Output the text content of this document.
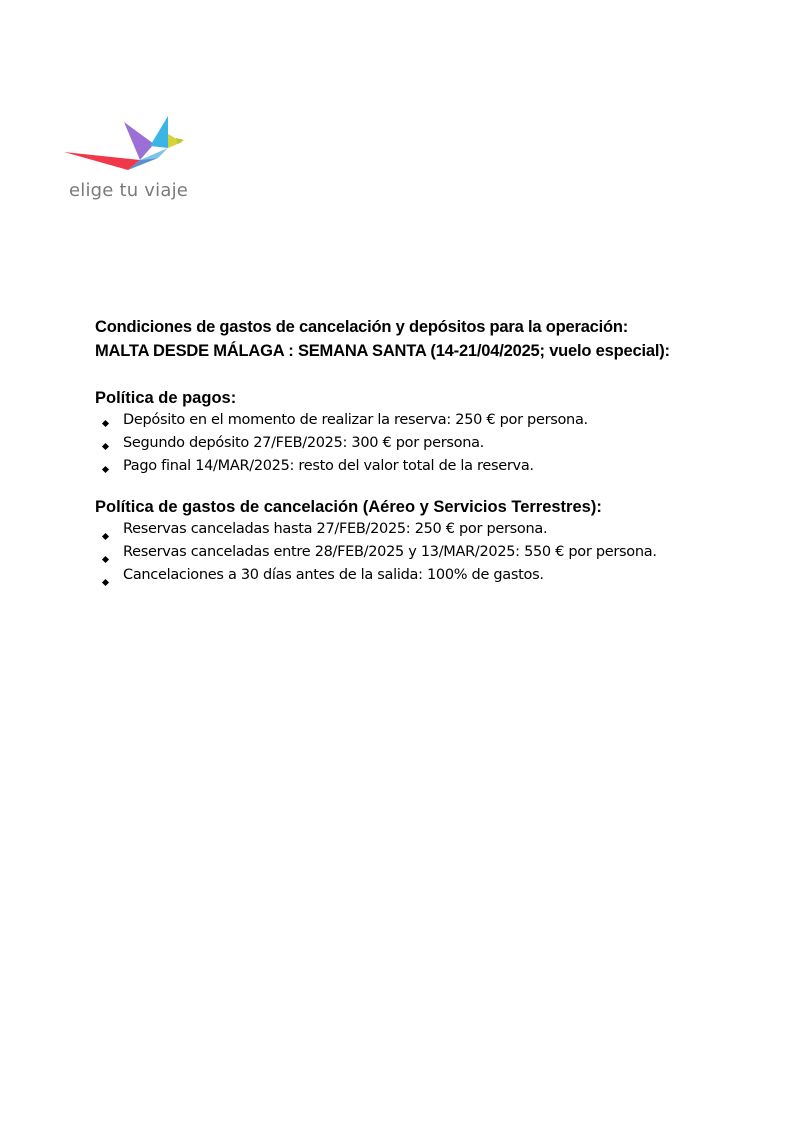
elige tu viaje

Condiciones de gastos de cancelación y depósitos para la operación:

MALTA DESDE MÁLAGA : SEMANA SANTA (14-21/04/2025; vuelo especial):

Política de pagos:

Depósito en el momento de realizar la reserva: 250 € por persona.
Segundo depósito 27/FEB/2025: 300 € por persona.
Pago final 14/MAR/2025: resto del valor total de la reserva.

Política de gastos de cancelación (Aéreo y Servicios Terrestres):

Reservas canceladas hasta 27/FEB/2025: 250 € por persona.
Reservas canceladas entre 28/FEB/2025 y 13/MAR/2025: 550 € por persona.
Cancelaciones a 30 días antes de la salida: 100% de gastos.
